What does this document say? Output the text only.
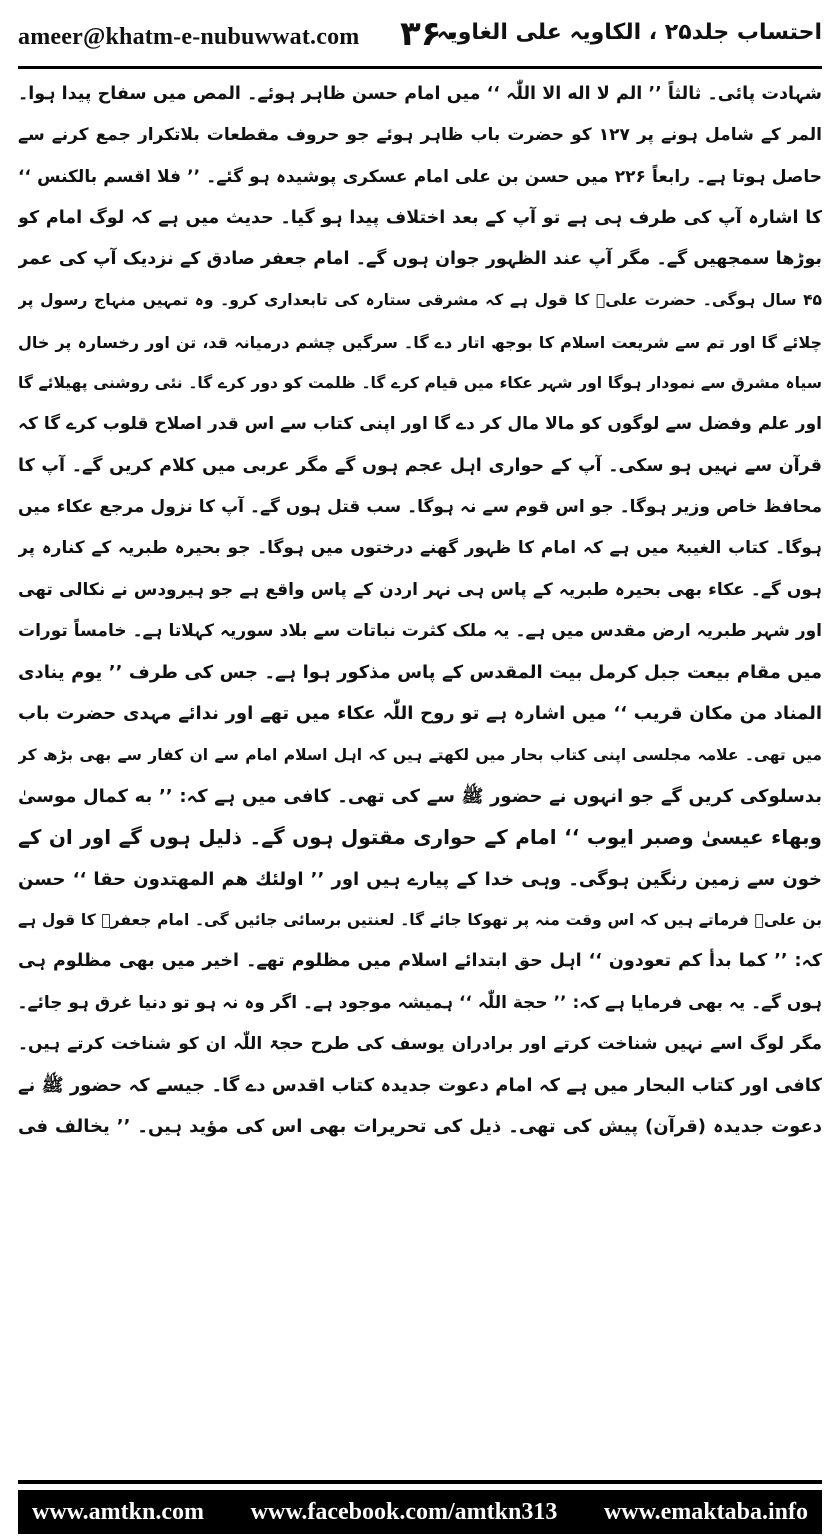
ameer@khatm-e-nubuwwat.com ۳۶۰
احتساب جلد۲۵ ، الکاویہ علی الغاویہ
شہادت پائی۔ ثالثاً ’’ الم لا اله الا اللّٰہ ‘‘ میں امام حسن ظاہر ہوئے۔ المص میں سفاح پیدا ہوا۔
المر کے شامل ہونے پر ۱۲۷ کو حضرت باب ظاہر ہوئے جو حروف مقطعات بلاتکرار جمع کرنے سے
حاصل ہوتا ہے۔ رابعاً ۲۲۶ میں حسن بن علی امام عسکری پوشیدہ ہو گئے۔ ’’ فلا اقسم بالکنس ‘‘
کا اشارہ آپ کی طرف ہی ہے تو آپ کے بعد اختلاف پیدا ہو گیا۔ حدیث میں ہے کہ لوگ امام کو
بوڑھا سمجھیں گے۔ مگر آپ عند الظہور جوان ہوں گے۔ امام جعفر صادق کے نزدیک آپ کی عمر
۴۵ سال ہوگی۔ حضرت علیؓ کا قول ہے کہ مشرقی ستارہ کی تابعداری کرو۔ وہ تمہیں منہاج رسول پر
چلائے گا اور تم سے شریعت اسلام کا بوجھ اتار دے گا۔ سرگیں چشم درمیانہ قد، تن اور رخسارہ پر خال
سیاہ مشرق سے نمودار ہوگا اور شہر عکاء میں قیام کرے گا۔ ظلمت کو دور کرے گا۔ نئی روشنی پھیلائے گا
اور علم وفضل سے لوگوں کو مالا مال کر دے گا اور اپنی کتاب سے اس قدر اصلاح قلوب کرے گا کہ
قرآن سے نہیں ہو سکی۔ آپ کے حواری اہل عجم ہوں گے مگر عربی میں کلام کریں گے۔ آپ کا
محافظ خاص وزیر ہوگا۔ جو اس قوم سے نہ ہوگا۔ سب قتل ہوں گے۔ آپ کا نزول مرجع عکاء میں
ہوگا۔ کتاب الغیبۃ میں ہے کہ امام کا ظہور گھنے درختوں میں ہوگا۔ جو بحیرہ طبریہ کے کنارہ پر
ہوں گے۔ عکاء بھی بحیرہ طبریہ کے پاس ہی نہر اردن کے پاس واقع ہے جو ہیرودس نے نکالی تھی
اور شہر طبریہ ارض مقدس میں ہے۔ یہ ملک کثرت نباتات سے بلاد سوریہ کہلاتا ہے۔ خامساً تورات
میں مقام بیعت جبل کرمل بیت المقدس کے پاس مذکور ہوا ہے۔ جس کی طرف ’’ یوم ینادی
المناد من مکان قریب ‘‘ میں اشارہ ہے تو روح اللّٰہ عکاء میں تھے اور ندائے مہدی حضرت باب
میں تھی۔ علامہ مجلسی اپنی کتاب بحار میں لکھتے ہیں کہ اہل اسلام امام سے ان کفار سے بھی بڑھ کر
بدسلوکی کریں گے جو انہوں نے حضور ﷺ سے کی تھی۔ کافی میں ہے کہ: ’’ به کمال موسیٰ
وبهاء عیسیٰ وصبر ایوب ‘‘ امام کے حواری مقتول ہوں گے۔ ذلیل ہوں گے اور ان کے
خون سے زمین رنگین ہوگی۔ وہی خدا کے پیارے ہیں اور ’’ اولئك هم المهتدون حقا ‘‘ حسن
بن علیؓ فرماتے ہیں کہ اس وقت منہ پر تھوکا جائے گا۔ لعنتیں برسائی جائیں گی۔ امام جعفرؒ کا قول ہے
کہ: ’’ کما بدأ کم تعودون ‘‘ اہل حق ابتدائے اسلام میں مظلوم تھے۔ اخیر میں بھی مظلوم ہی
ہوں گے۔ یہ بھی فرمایا ہے کہ: ’’ حجة اللّٰہ ‘‘ ہمیشہ موجود ہے۔ اگر وہ نہ ہو تو دنیا غرق ہو جائے۔
مگر لوگ اسے نہیں شناخت کرتے اور برادران یوسف کی طرح حجۃ اللّٰہ ان کو شناخت کرتے ہیں۔
کافی اور کتاب البحار میں ہے کہ امام دعوت جدیدہ کتاب اقدس دے گا۔ جیسے کہ حضور ﷺ نے
دعوت جدیدہ (قرآن) پیش کی تھی۔ ذیل کی تحریرات بھی اس کی مؤید ہیں۔ ’’ یخالف فی
www.amtkn.com www.facebook.com/amtkn313 www.emaktaba.info
